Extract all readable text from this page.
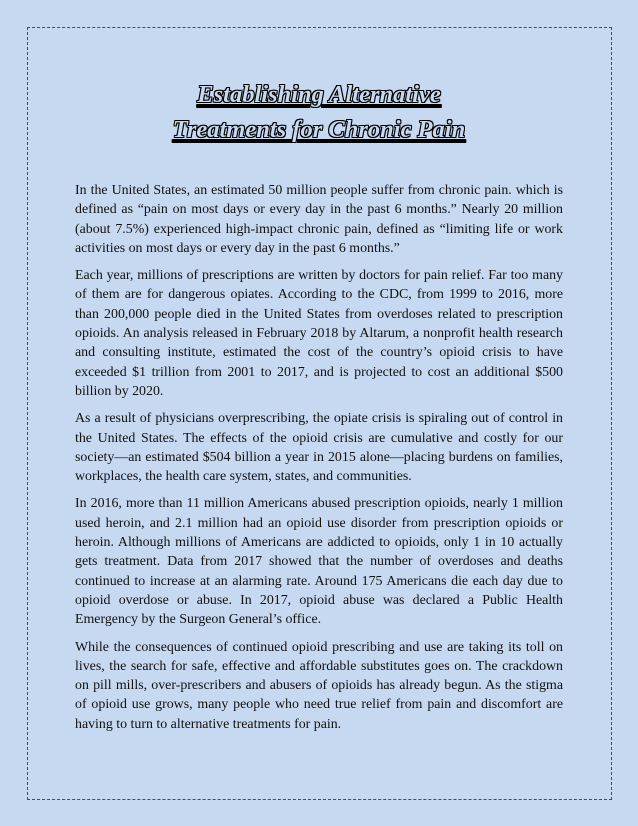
Establishing Alternative
Treatments for Chronic Pain

In the United States, an estimated 50 million people suffer from chronic pain. which is defined as “pain on most days or every day in the past 6 months.” Nearly 20 million (about 7.5%) experienced high-impact chronic pain, defined as “limiting life or work activities on most days or every day in the past 6 months.”

Each year, millions of prescriptions are written by doctors for pain relief. Far too many of them are for dangerous opiates. According to the CDC, from 1999 to 2016, more than 200,000 people died in the United States from overdoses related to prescription opioids. An analysis released in February 2018 by Altarum, a nonprofit health research and consulting institute, estimated the cost of the country’s opioid crisis to have exceeded $1 trillion from 2001 to 2017, and is projected to cost an additional $500 billion by 2020.

As a result of physicians overprescribing, the opiate crisis is spiraling out of control in the United States. The effects of the opioid crisis are cumulative and costly for our society—an estimated $504 billion a year in 2015 alone—placing burdens on families, workplaces, the health care system, states, and communities.

In 2016, more than 11 million Americans abused prescription opioids, nearly 1 million used heroin, and 2.1 million had an opioid use disorder from prescription opioids or heroin. Although millions of Americans are addicted to opioids, only 1 in 10 actually gets treatment. Data from 2017 showed that the number of overdoses and deaths continued to increase at an alarming rate. Around 175 Americans die each day due to opioid overdose or abuse. In 2017, opioid abuse was declared a Public Health Emergency by the Surgeon General’s office.

While the consequences of continued opioid prescribing and use are taking its toll on lives, the search for safe, effective and affordable substitutes goes on. The crackdown on pill mills, over-prescribers and abusers of opioids has already begun. As the stigma of opioid use grows, many people who need true relief from pain and discomfort are having to turn to alternative treatments for pain.
